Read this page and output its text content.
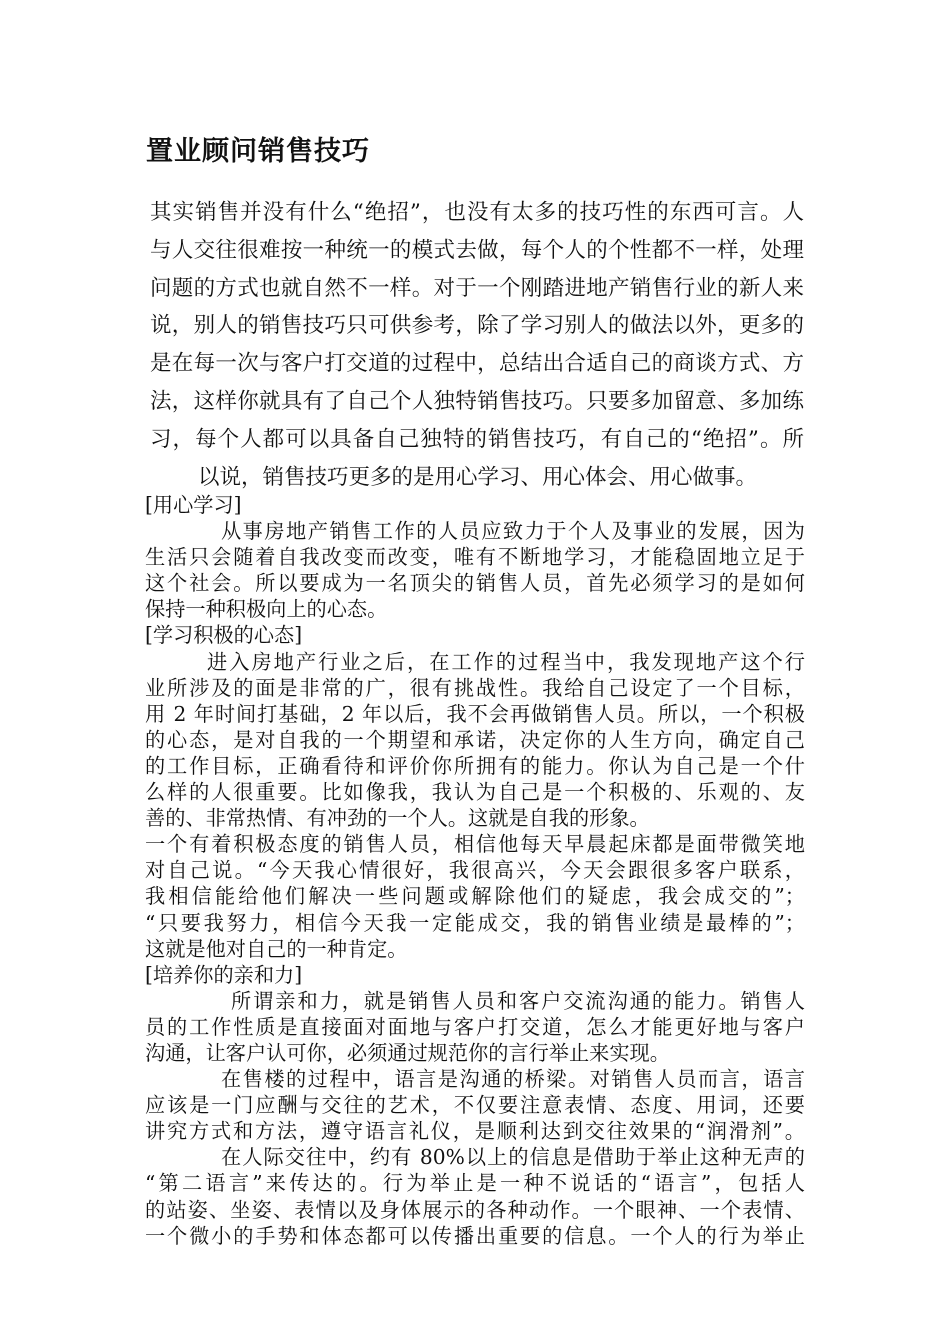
置业顾问销售技巧
其实销售并没有什么“绝招”，也没有太多的技巧性的东西可言。人
与人交往很难按一种统一的模式去做，每个人的个性都不一样，处理
问题的方式也就自然不一样。对于一个刚踏进地产销售行业的新人来
说，别人的销售技巧只可供参考，除了学习别人的做法以外，更多的
是在每一次与客户打交道的过程中，总结出合适自己的商谈方式、方
法，这样你就具有了自己个人独特销售技巧。只要多加留意、多加练
习，每个人都可以具备自己独特的销售技巧，有自己的“绝招”。所
以说，销售技巧更多的是用心学习、用心体会、用心做事。
[用心学习]
从事房地产销售工作的人员应致力于个人及事业的发展，因为
生活只会随着自我改变而改变，唯有不断地学习，才能稳固地立足于
这个社会。所以要成为一名顶尖的销售人员，首先必须学习的是如何
保持一种积极向上的心态。
[学习积极的心态]
进入房地产行业之后，在工作的过程当中，我发现地产这个行
业所涉及的面是非常的广，很有挑战性。我给自己设定了一个目标，
用 2 年时间打基础，2 年以后，我不会再做销售人员。所以，一个积极
的心态，是对自我的一个期望和承诺，决定你的人生方向，确定自己
的工作目标，正确看待和评价你所拥有的能力。你认为自己是一个什
么样的人很重要。比如像我，我认为自己是一个积极的、乐观的、友
善的、非常热情、有冲劲的一个人。这就是自我的形象。
一个有着积极态度的销售人员，相信他每天早晨起床都是面带微笑地
对自己说。“今天我心情很好，我很高兴，今天会跟很多客户联系，
我相信能给他们解决一些问题或解除他们的疑虑，我会成交的”；
“只要我努力，相信今天我一定能成交，我的销售业绩是最棒的”；
这就是他对自己的一种肯定。
[培养你的亲和力]
所谓亲和力，就是销售人员和客户交流沟通的能力。销售人
员的工作性质是直接面对面地与客户打交道，怎么才能更好地与客户
沟通，让客户认可你，必须通过规范你的言行举止来实现。
在售楼的过程中，语言是沟通的桥梁。对销售人员而言，语言
应该是一门应酬与交往的艺术，不仅要注意表情、态度、用词，还要
讲究方式和方法，遵守语言礼仪，是顺利达到交往效果的“润滑剂”。
在人际交往中，约有 80%以上的信息是借助于举止这种无声的
“第二语言”来传达的。行为举止是一种不说话的“语言”，包括人
的站姿、坐姿、表情以及身体展示的各种动作。一个眼神、一个表情、
一个微小的手势和体态都可以传播出重要的信息。一个人的行为举止
